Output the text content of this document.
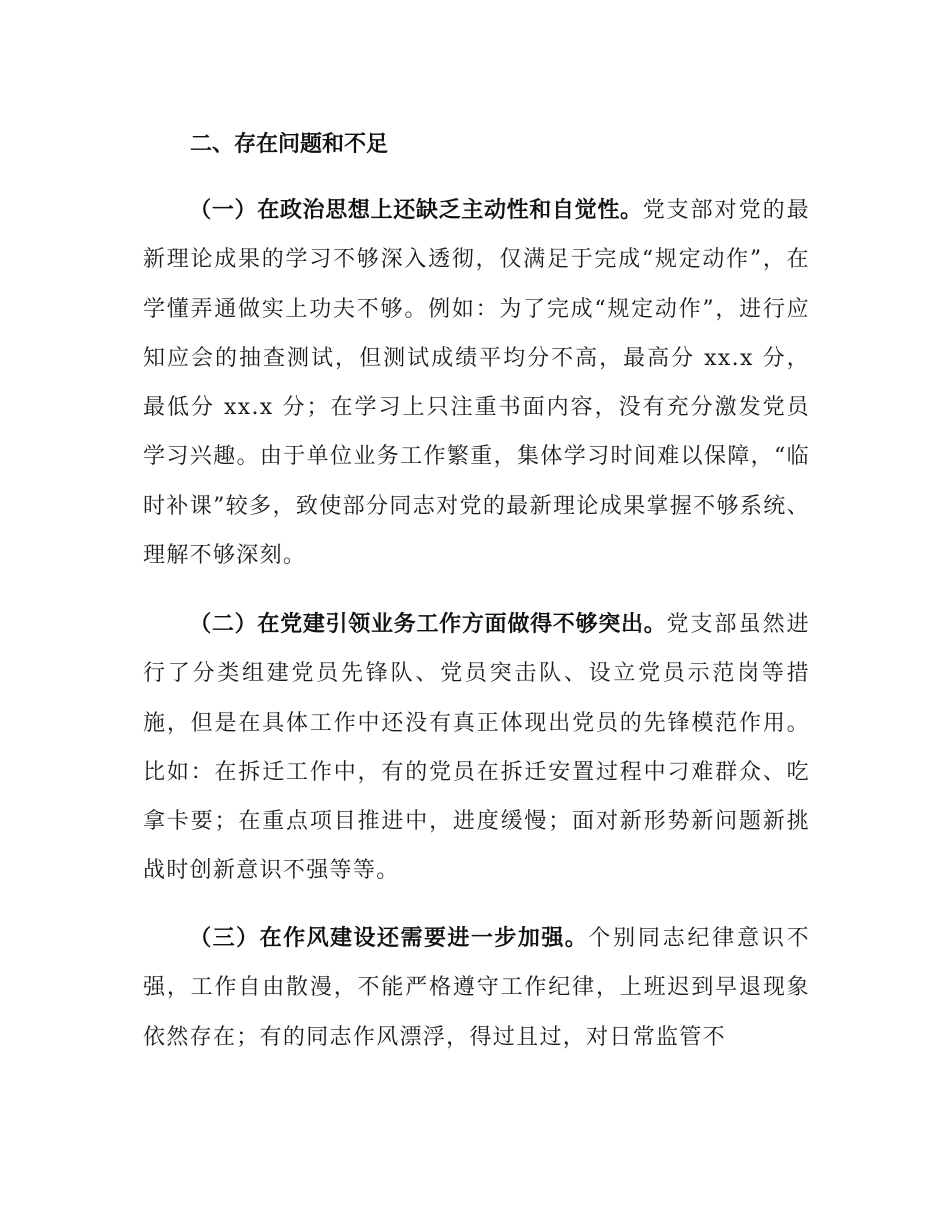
二、存在问题和不足

（一）在政治思想上还缺乏主动性和自觉性。党支部对党的最新理论成果的学习不够深入透彻，仅满足于完成“规定动作”，在学懂弄通做实上功夫不够。例如：为了完成“规定动作”，进行应知应会的抽查测试，但测试成绩平均分不高，最高分 xx.x 分，最低分 xx.x 分；在学习上只注重书面内容，没有充分激发党员学习兴趣。由于单位业务工作繁重，集体学习时间难以保障，“临时补课”较多，致使部分同志对党的最新理论成果掌握不够系统、理解不够深刻。

（二）在党建引领业务工作方面做得不够突出。党支部虽然进行了分类组建党员先锋队、党员突击队、设立党员示范岗等措施，但是在具体工作中还没有真正体现出党员的先锋模范作用。比如：在拆迁工作中，有的党员在拆迁安置过程中刁难群众、吃拿卡要；在重点项目推进中，进度缓慢；面对新形势新问题新挑战时创新意识不强等等。

（三）在作风建设还需要进一步加强。个别同志纪律意识不强，工作自由散漫，不能严格遵守工作纪律，上班迟到早退现象依然存在；有的同志作风漂浮，得过且过，对日常监管不
